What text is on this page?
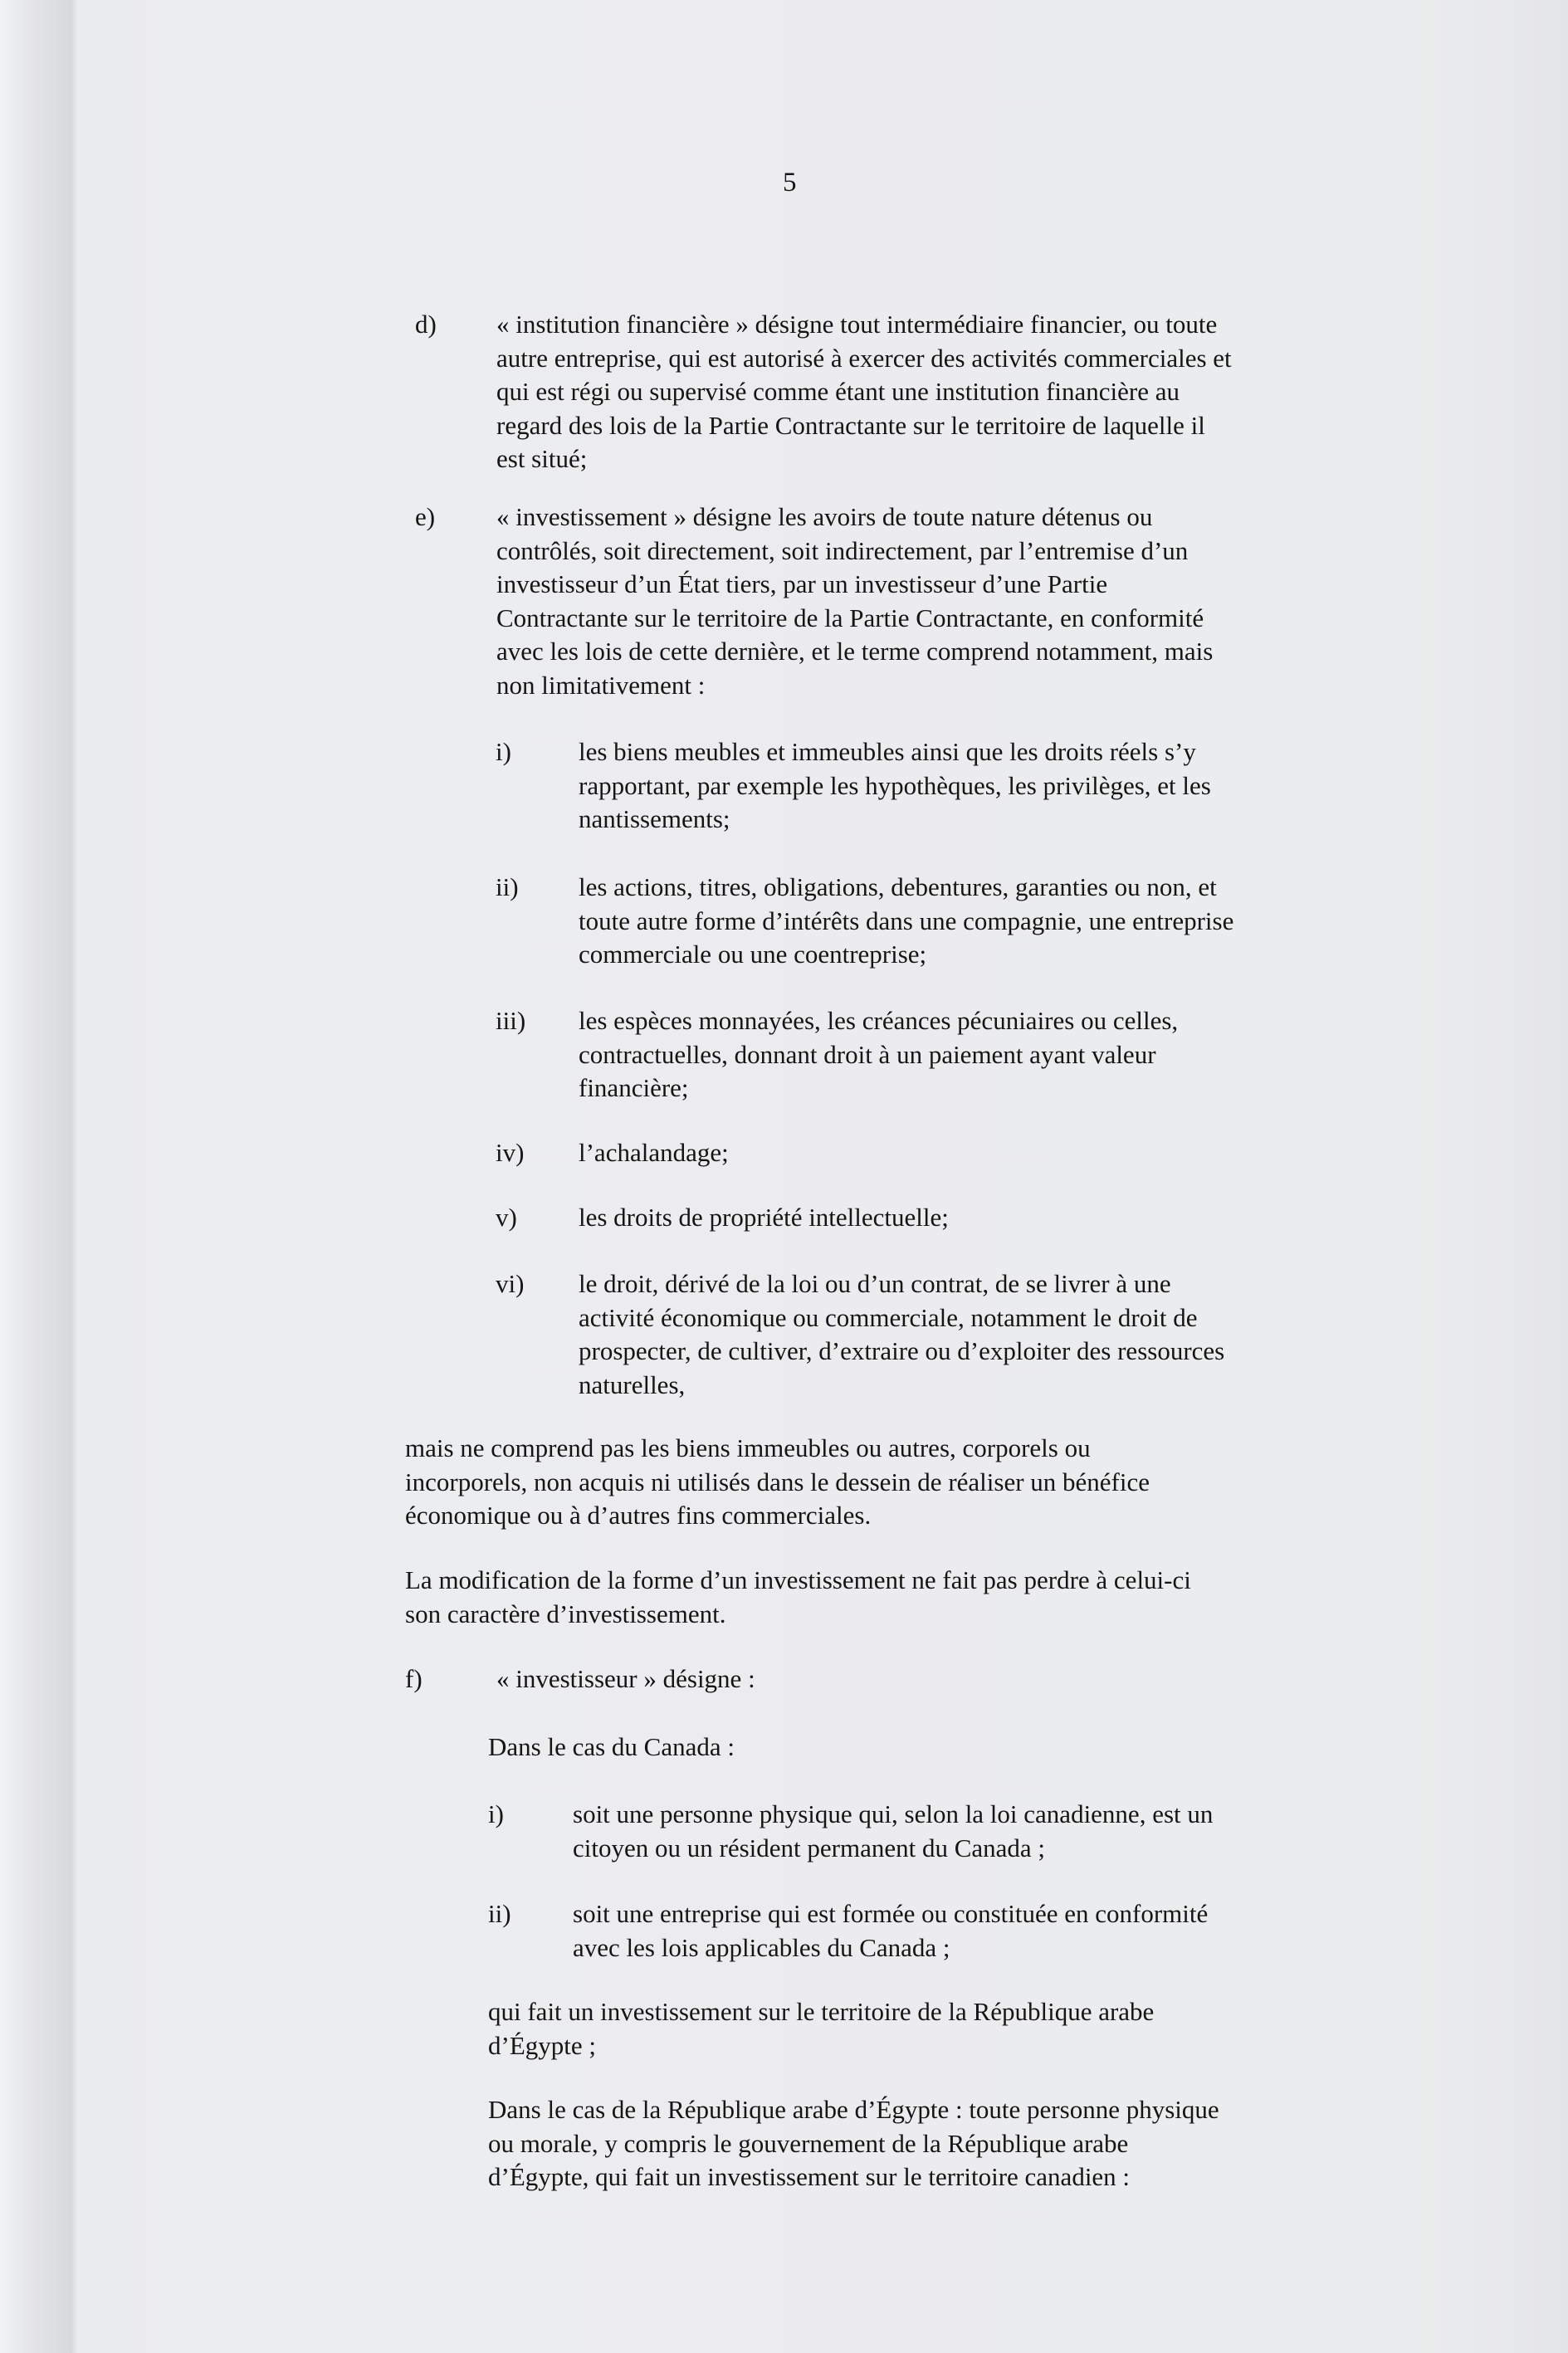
5
d) « institution financière » désigne tout intermédiaire financier, ou toute
autre entreprise, qui est autorisé à exercer des activités commerciales et
qui est régi ou supervisé comme étant une institution financière au
regard des lois de la Partie Contractante sur le territoire de laquelle il
est situé;
e) « investissement » désigne les avoirs de toute nature détenus ou
contrôlés, soit directement, soit indirectement, par l’entremise d’un
investisseur d’un État tiers, par un investisseur d’une Partie
Contractante sur le territoire de la Partie Contractante, en conformité
avec les lois de cette dernière, et le terme comprend notamment, mais
non limitativement :
i)	les biens meubles et immeubles ainsi que les droits réels s’y
rapportant, par exemple les hypothèques, les privilèges, et les
nantissements;
ii) les actions, titres, obligations, debentures, garanties ou non, et
toute autre forme d’intérêts dans une compagnie, une entreprise
commerciale ou une coentreprise;
iii) les espèces monnayées, les créances pécuniaires ou celles,
contractuelles, donnant droit à un paiement ayant valeur
financière;
iv) l’achalandage;
v) les droits de propriété intellectuelle;
vi) le droit, dérivé de la loi ou d’un contrat, de se livrer à une
activité économique ou commerciale, notamment le droit de
prospecter, de cultiver, d’extraire ou d’exploiter des ressources
naturelles,
mais ne comprend pas les biens immeubles ou autres, corporels ou
incorporels, non acquis ni utilisés dans le dessein de réaliser un bénéfice
économique ou à d’autres fins commerciales.
La modification de la forme d’un investissement ne fait pas perdre à celui-ci
son caractère d’investissement.
f)	« investisseur » désigne :
Dans le cas du Canada :
i)	soit une personne physique qui, selon la loi canadienne, est un
citoyen ou un résident permanent du Canada ;
ii) soit une entreprise qui est formée ou constituée en conformité
avec les lois applicables du Canada ;
qui fait un investissement sur le territoire de la République arabe
d’Égypte ;
Dans le cas de la République arabe d’Égypte : toute personne physique
ou morale, y compris le gouvernement de la République arabe
d’Égypte, qui fait un investissement sur le territoire canadien :
